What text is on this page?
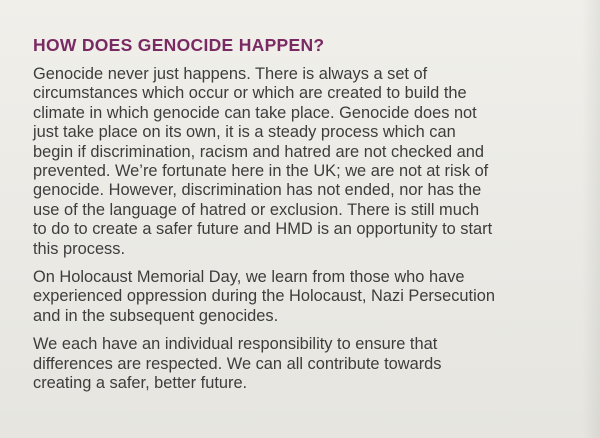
HOW DOES GENOCIDE HAPPEN?

Genocide never just happens. There is always a set of
circumstances which occur or which are created to build the
climate in which genocide can take place. Genocide does not
just take place on its own, it is a steady process which can
begin if discrimination, racism and hatred are not checked and
prevented. We’re fortunate here in the UK; we are not at risk of
genocide. However, discrimination has not ended, nor has the
use of the language of hatred or exclusion. There is still much
to do to create a safer future and HMD is an opportunity to start
this process.

On Holocaust Memorial Day, we learn from those who have
experienced oppression during the Holocaust, Nazi Persecution
and in the subsequent genocides.

We each have an individual responsibility to ensure that
differences are respected. We can all contribute towards
creating a safer, better future.
